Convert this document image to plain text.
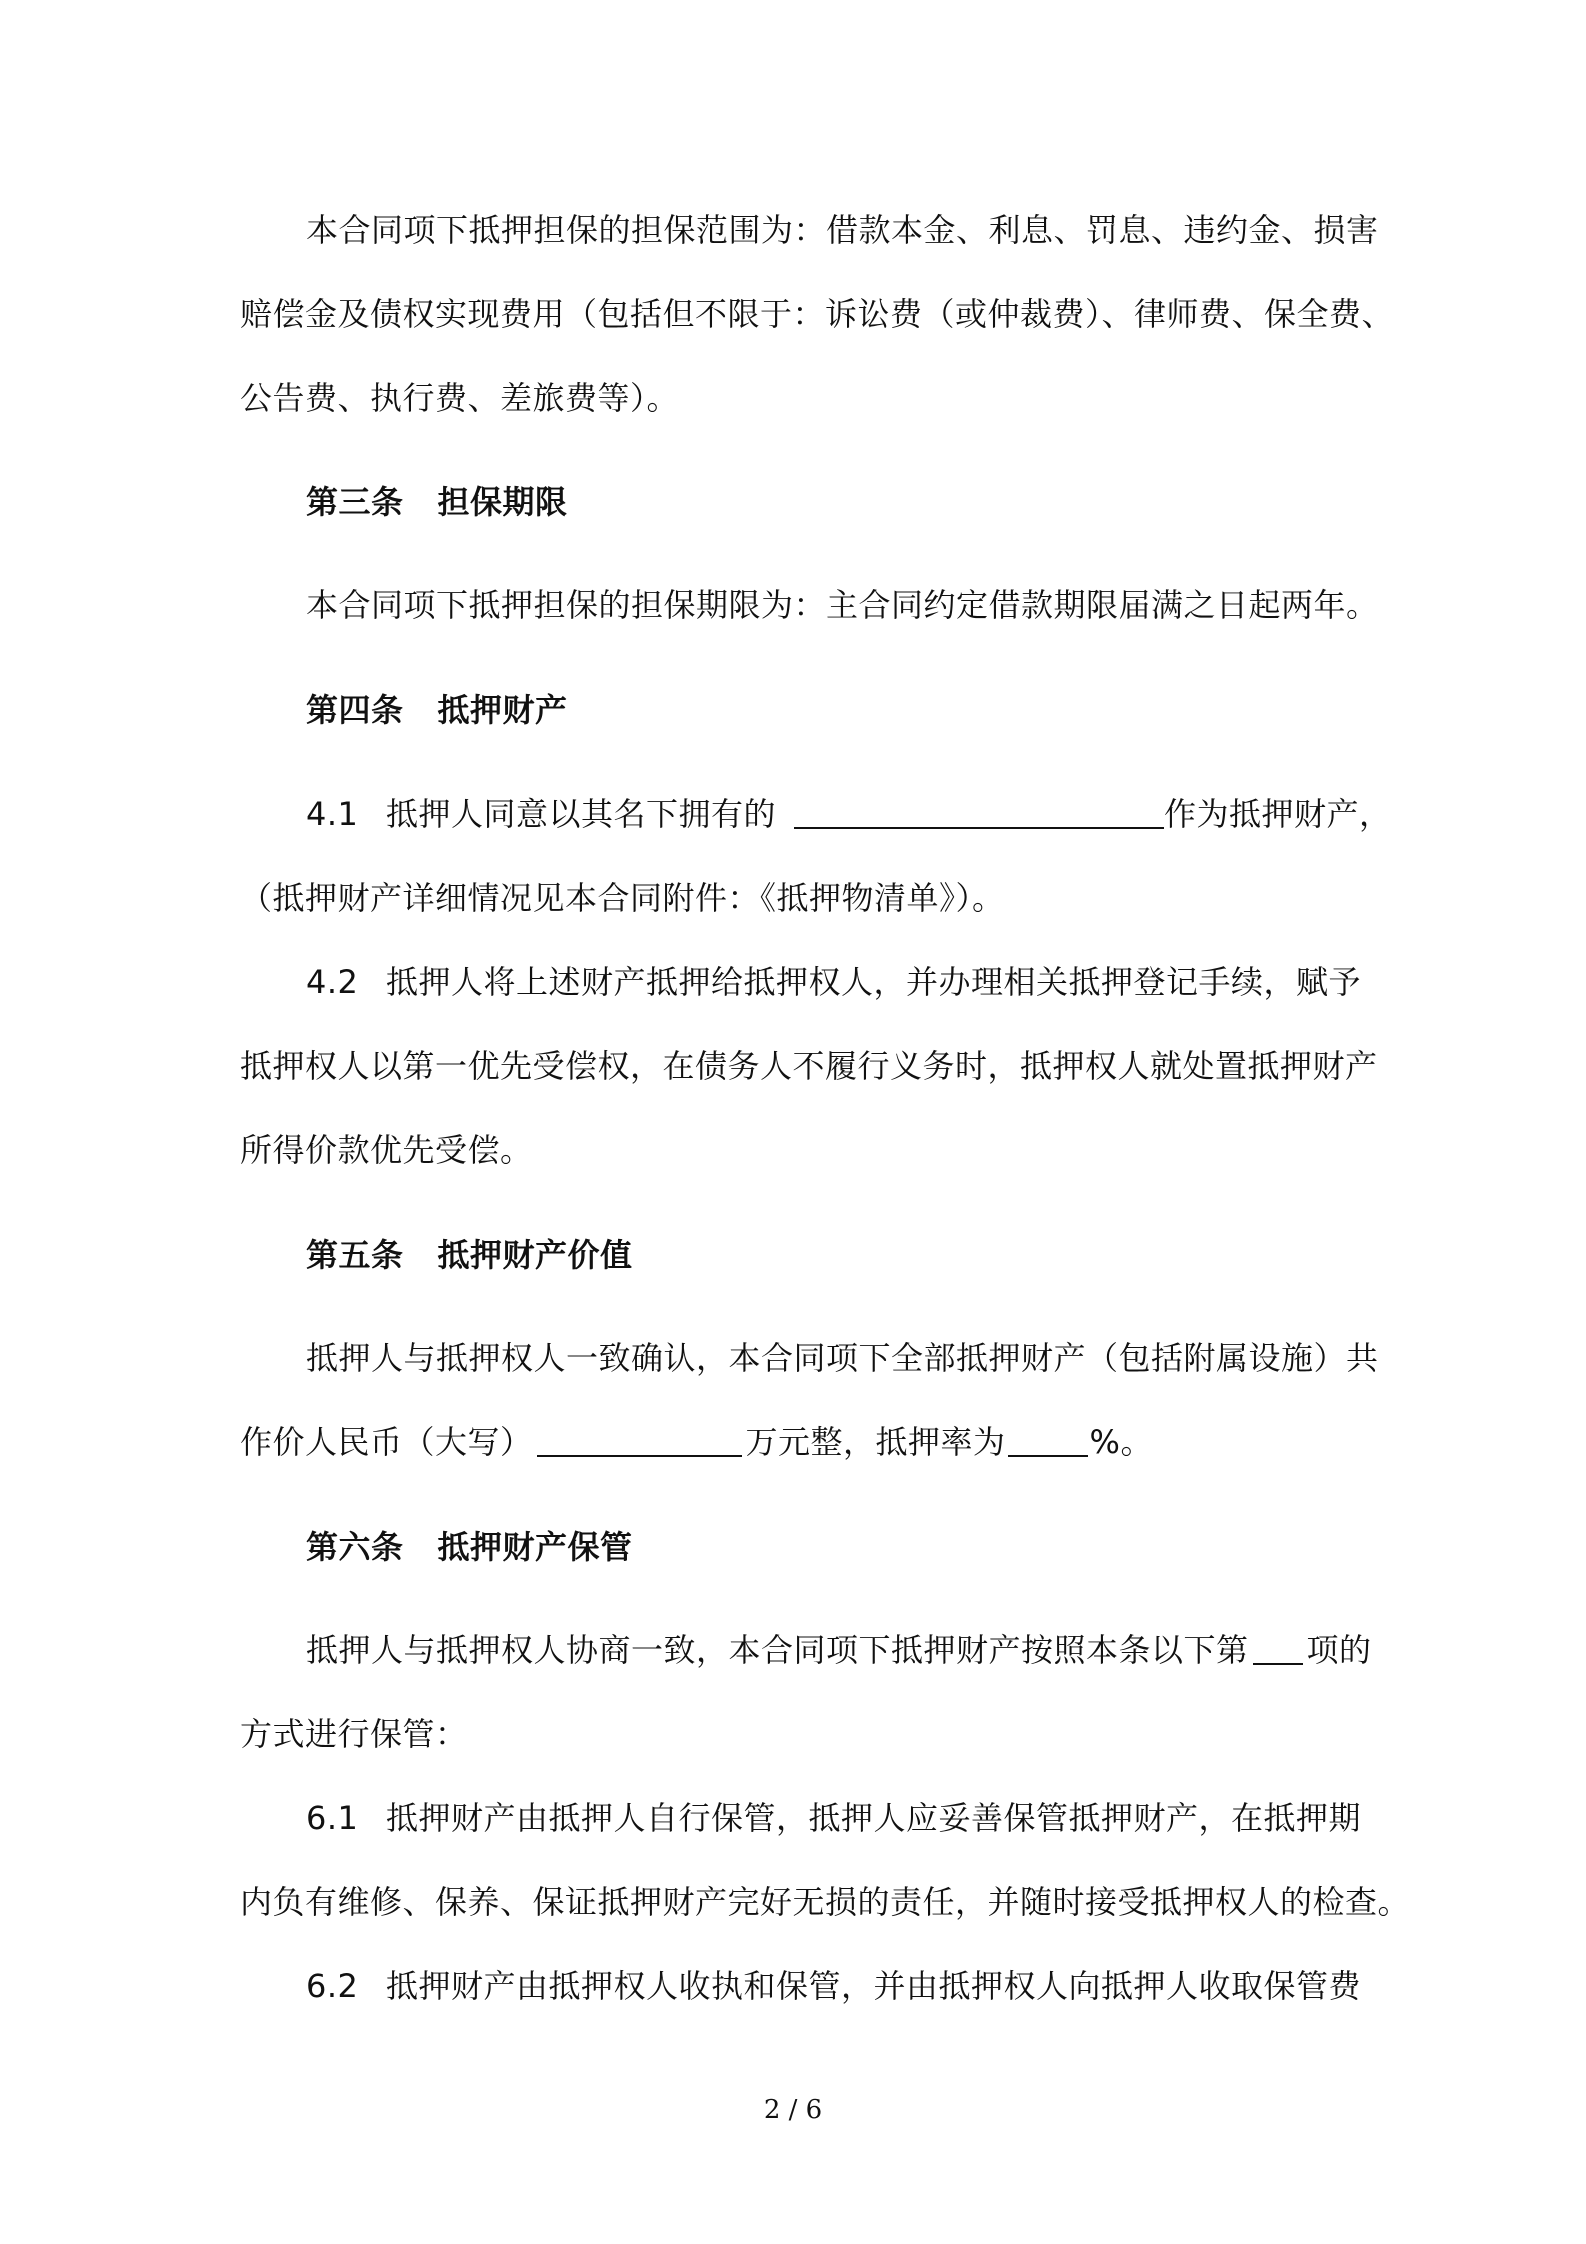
本合同项下抵押担保的担保范围为：借款本金、利息、罚息、违约金、损害
赔偿金及债权实现费用（包括但不限于：诉讼费（或仲裁费）、律师费、保全费、
公告费、执行费、差旅费等）。
第三条 担保期限
本合同项下抵押担保的担保期限为：主合同约定借款期限届满之日起两年。
第四条 抵押财产
4.1 抵押人同意以其名下拥有的	作为抵押财产，
（抵押财产详细情况见本合同附件：《抵押物清单》）。
4.2 抵押人将上述财产抵押给抵押权人，并办理相关抵押登记手续，赋予
抵押权人以第一优先受偿权，在债务人不履行义务时，抵押权人就处置抵押财产
所得价款优先受偿。
第五条 抵押财产价值
抵押人与抵押权人一致确认，本合同项下全部抵押财产（包括附属设施）共
作价人民币（大写）	万元整，抵押率为	%。
第六条 抵押财产保管
抵押人与抵押权人协商一致，本合同项下抵押财产按照本条以下第 项的
方式进行保管：
6.1 抵押财产由抵押人自行保管，抵押人应妥善保管抵押财产，在抵押期
内负有维修、保养、保证抵押财产完好无损的责任，并随时接受抵押权人的检查。
6.2 抵押财产由抵押权人收执和保管，并由抵押权人向抵押人收取保管费
2 / 6
